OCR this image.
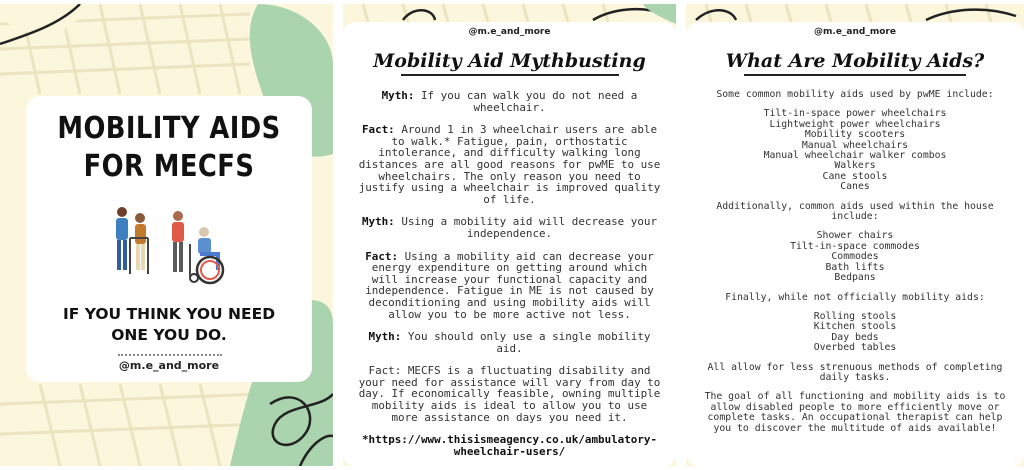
MOBILITY AIDS
FOR MECFS
IF YOU THINK YOU NEED
ONE YOU DO.
@m.e_and_more
@m.e_and_more
Mobility Aid Mythbusting

Myth: If you can walk you do not need a wheelchair.

Fact: Around 1 in 3 wheelchair users are able to walk.* Fatigue, pain, orthostatic intolerance, and difficulty walking long distances are all good reasons for pwME to use wheelchairs. The only reason you need to justify using a wheelchair is improved quality of life.

Myth: Using a mobility aid will decrease your independence.

Fact: Using a mobility aid can decrease your energy expenditure on getting around which will increase your functional capacity and independence. Fatigue in ME is not caused by deconditioning and using mobility aids will allow you to be more active not less.

Myth: You should only use a single mobility aid.

Fact: MECFS is a fluctuating disability and your need for assistance will vary from day to day. If economically feasible, owning multiple mobility aids is ideal to allow you to use more assistance on days you need it.

*https://www.thisismeagency.co.uk/ambulatory-wheelchair-users/

@m.e_and_more
What Are Mobility Aids?

Some common mobility aids used by pwME include:

Tilt-in-space power wheelchairs
Lightweight power wheelchairs
Mobility scooters
Manual wheelchairs
Manual wheelchair walker combos
Walkers
Cane stools
Canes

Additionally, common aids used within the house include:

Shower chairs
Tilt-in-space commodes
Commodes
Bath lifts
Bedpans

Finally, while not officially mobility aids:

Rolling stools
Kitchen stools
Day beds
Overbed tables

All allow for less strenuous methods of completing daily tasks.

The goal of all functioning and mobility aids is to allow disabled people to more efficiently move or complete tasks. An occupational therapist can help you to discover the multitude of aids available!
